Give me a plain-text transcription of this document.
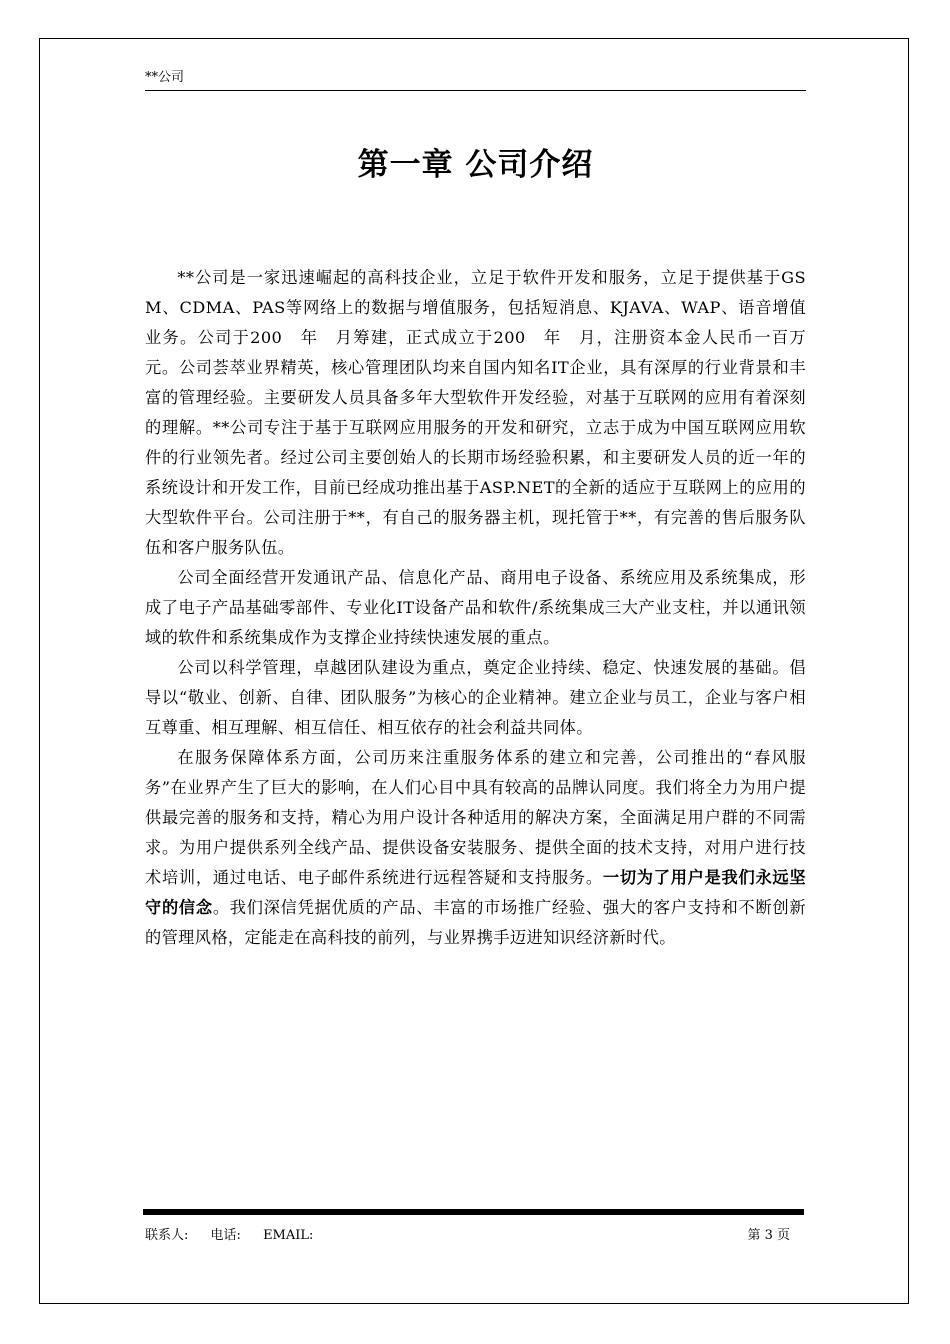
**公司
第一章 公司介绍

**公司是一家迅速崛起的高科技企业，立足于软件开发和服务，立足于提供基于GSM、CDMA、PAS等网络上的数据与增值服务，包括短消息、KJAVA、WAP、语音增值业务。公司于200　年　月筹建，正式成立于200　年　月，注册资本金人民币一百万元。公司荟萃业界精英，核心管理团队均来自国内知名IT企业，具有深厚的行业背景和丰富的管理经验。主要研发人员具备多年大型软件开发经验，对基于互联网的应用有着深刻的理解。**公司专注于基于互联网应用服务的开发和研究，立志于成为中国互联网应用软件的行业领先者。经过公司主要创始人的长期市场经验积累，和主要研发人员的近一年的系统设计和开发工作，目前已经成功推出基于ASP.NET的全新的适应于互联网上的应用的大型软件平台。公司注册于**，有自己的服务器主机，现托管于**，有完善的售后服务队伍和客户服务队伍。

公司全面经营开发通讯产品、信息化产品、商用电子设备、系统应用及系统集成，形成了电子产品基础零部件、专业化IT设备产品和软件/系统集成三大产业支柱，并以通讯领域的软件和系统集成作为支撑企业持续快速发展的重点。

公司以科学管理，卓越团队建设为重点，奠定企业持续、稳定、快速发展的基础。倡导以“敬业、创新、自律、团队服务”为核心的企业精神。建立企业与员工，企业与客户相互尊重、相互理解、相互信任、相互依存的社会利益共同体。

在服务保障体系方面，公司历来注重服务体系的建立和完善，公司推出的“春风服务”在业界产生了巨大的影响，在人们心目中具有较高的品牌认同度。我们将全力为用户提供最完善的服务和支持，精心为用户设计各种适用的解决方案，全面满足用户群的不同需求。为用户提供系列全线产品、提供设备安装服务、提供全面的技术支持，对用户进行技术培训，通过电话、电子邮件系统进行远程答疑和支持服务。一切为了用户是我们永远坚守的信念。我们深信凭据优质的产品、丰富的市场推广经验、强大的客户支持和不断创新的管理风格，定能走在高科技的前列，与业界携手迈进知识经济新时代。

联系人: 电话: EMAIL:	第 3 页
